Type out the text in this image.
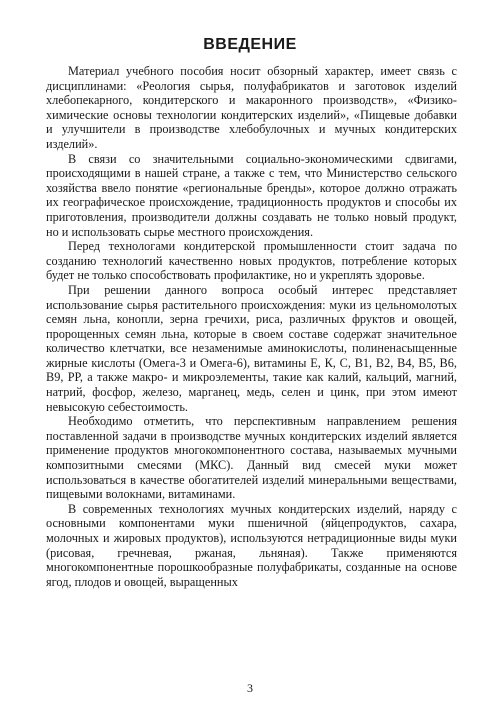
ВВЕДЕНИЕ

Материал учебного пособия носит обзорный характер, имеет связь с дисциплинами: «Реология сырья, полуфабрикатов и заготовок изделий хлебопекарного, кондитерского и макаронного производств», «Физико-химические основы технологии кондитерских изделий», «Пищевые добавки и улучшители в производстве хлебобулочных и мучных кондитерских изделий».

В связи со значительными социально-экономическими сдвигами, происходящими в нашей стране, а также с тем, что Министерство сельского хозяйства ввело понятие «региональные бренды», которое должно отражать их географическое происхождение, традиционность продуктов и способы их приготовления, производители должны создавать не только новый продукт, но и использовать сырье местного происхождения.

Перед технологами кондитерской промышленности стоит задача по созданию технологий качественно новых продуктов, потребление которых будет не только способствовать профилактике, но и укреплять здоровье.

При решении данного вопроса особый интерес представляет использование сырья растительного происхождения: муки из цельномолотых семян льна, конопли, зерна гречихи, риса, различных фруктов и овощей, пророщенных семян льна, которые в своем составе содержат значительное количество клетчатки, все незаменимые аминокислоты, полиненасыщенные жирные кислоты (Омега-3 и Омега-6), витамины Е, К, С, В1, В2, В4, В5, В6, В9, РР, а также макро- и микроэлементы, такие как калий, кальций, магний, натрий, фосфор, железо, марганец, медь, селен и цинк, при этом имеют невысокую себестоимость.

Необходимо отметить, что перспективным направлением решения поставленной задачи в производстве мучных кондитерских изделий является применение продуктов многокомпонентного состава, называемых мучными композитными смесями (МКС). Данный вид смесей муки может использоваться в качестве обогатителей изделий минеральными веществами, пищевыми волокнами, витаминами.

В современных технологиях мучных кондитерских изделий, наряду с основными компонентами муки пшеничной (яйцепродуктов, сахара, молочных и жировых продуктов), используются нетрадиционные виды муки (рисовая, гречневая, ржаная, льняная). Также применяются многокомпонентные порошкообразные полуфабрикаты, созданные на основе ягод, плодов и овощей, выращенных

3
